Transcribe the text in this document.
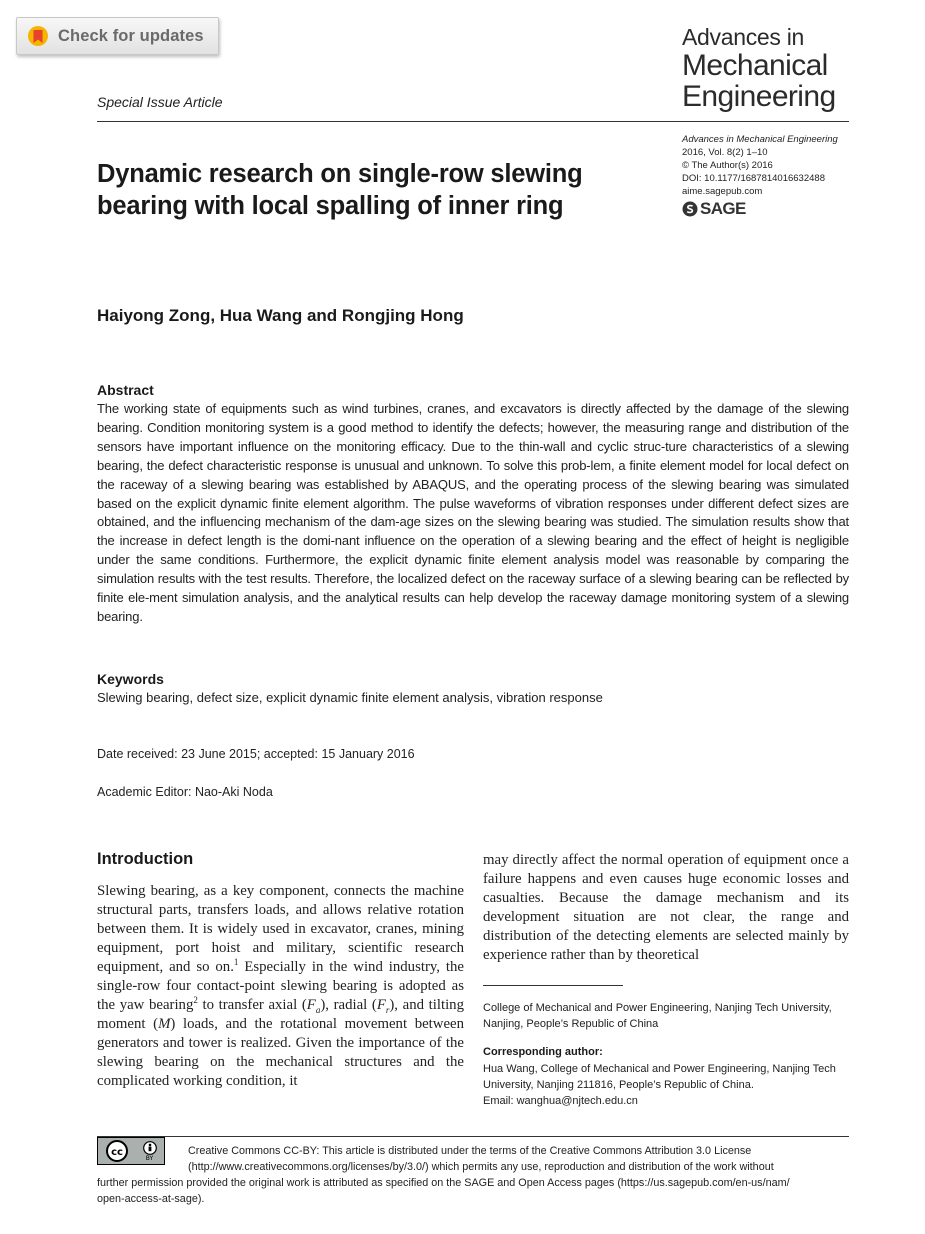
Check for updates	Advances in
Mechanical
Engineering
Special Issue Article
Advances in Mechanical Engineering
2016, Vol. 8(2) 1–10
© The Author(s) 2016
DOI: 10.1177/1687814016632488
aime.sagepub.com
SAGE
Dynamic research on single-row slewing bearing with local spalling of inner ring
Haiyong Zong, Hua Wang and Rongjing Hong
Abstract
The working state of equipments such as wind turbines, cranes, and excavators is directly affected by the damage of the slewing bearing. Condition monitoring system is a good method to identify the defects; however, the measuring range and distribution of the sensors have important influence on the monitoring efficacy. Due to the thin-wall and cyclic struc-ture characteristics of a slewing bearing, the defect characteristic response is unusual and unknown. To solve this prob-lem, a finite element model for local defect on the raceway of a slewing bearing was established by ABAQUS, and the operating process of the slewing bearing was simulated based on the explicit dynamic finite element algorithm. The pulse waveforms of vibration responses under different defect sizes are obtained, and the influencing mechanism of the dam-age sizes on the slewing bearing was studied. The simulation results show that the increase in defect length is the domi-nant influence on the operation of a slewing bearing and the effect of height is negligible under the same conditions. Furthermore, the explicit dynamic finite element analysis model was reasonable by comparing the simulation results with the test results. Therefore, the localized defect on the raceway surface of a slewing bearing can be reflected by finite ele-ment simulation analysis, and the analytical results can help develop the raceway damage monitoring system of a slewing bearing.
Keywords
Slewing bearing, defect size, explicit dynamic finite element analysis, vibration response
Date received: 23 June 2015; accepted: 15 January 2016
Academic Editor: Nao-Aki Noda
Introduction
Slewing bearing, as a key component, connects the machine structural parts, transfers loads, and allows relative rotation between them. It is widely used in excavator, cranes, mining equipment, port hoist and military, scientific research equipment, and so on.$^1$ Especially in the wind industry, the single-row four contact-point slewing bearing is adopted as the yaw bearing$^2$ to transfer axial $(F_a)$, radial $(F_r)$, and tilting moment (M) loads, and the rotational movement between generators and tower is realized. Given the importance of the slewing bearing on the mechanical structures and the complicated working condition, it
may directly affect the normal operation of equipment once a failure happens and even causes huge economic losses and casualties. Because the damage mechanism and its development situation are not clear, the range and distribution of the detecting elements are selected mainly by experience rather than by theoretical
College of Mechanical and Power Engineering, Nanjing Tech University, Nanjing, People’s Republic of China
Corresponding author:
Hua Wang, College of Mechanical and Power Engineering, Nanjing Tech University, Nanjing 211816, People’s Republic of China.
Email: wanghua@njtech.edu.cn
cc	BY
Creative Commons CC-BY: This article is distributed under the terms of the Creative Commons Attribution 3.0 License
(http://www.creativecommons.org/licenses/by/3.0/) which permits any use, reproduction and distribution of the work without
further permission provided the original work is attributed as specified on the SAGE and Open Access pages (https://us.sagepub.com/en-us/nam/
open-access-at-sage).
